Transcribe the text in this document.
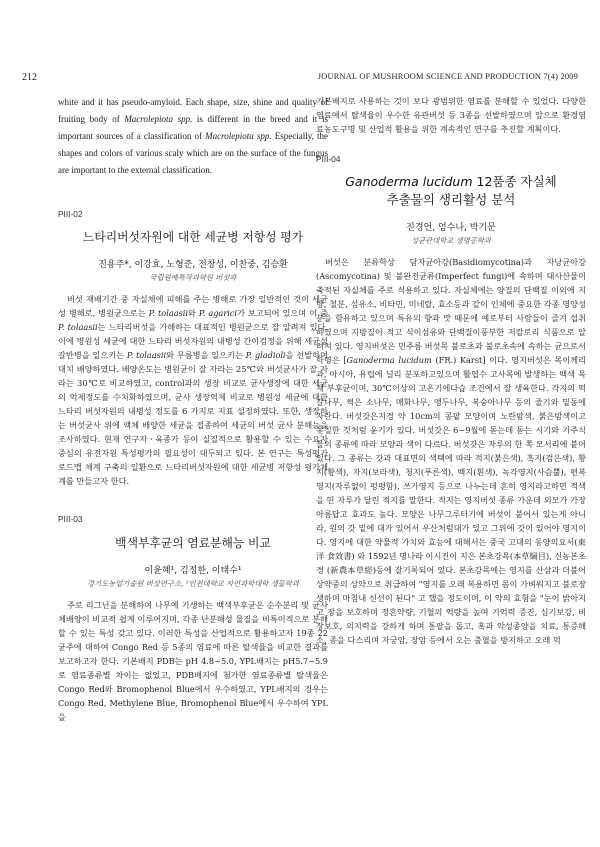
212	JOURNAL OF MUSHROOM SCIENCE AND PRODUCTION 7(4) 2009

white and it has pseudo-amyloid. Each shape, size, shine and quality of fruiting body of Macrolepiota spp. is different in the breed and it is important sources of a classification of Macrolepiota spp. Especially, the shapes and colors of various scaly which are on the surface of the fungus are important to the external classification.

PIII-02

느타리버섯자원에 대한 세균병 저항성 평가

진용주*, 이강효, 노형준, 전창성, 이찬중, 김승환

국립원예특작과학원 버섯과

버섯 재배기간 중 자실체에 피해를 주는 병해로 가장 일반적인 것이 세균성 병해로, 병원균으로는 P. tolaasii와 P. agarici가 보고되어 있으며 이 중 P. tolaasii는 느타리버섯을 가해하는 대표적인 병원균으로 잘 알려져 있다. 이에 병원성 세균에 대한 느타리 버섯자원의 내병성 간이검정을 위해 세균성 갈반병을 일으키는 P. tolaasii와 무름병을 일으키는 P. gladioli을 선발하여 대치 배양하였다. 배양온도는 병원균이 잘 자라는 25℃와 버섯균사가 잘 자라는 30℃로 비교하였고, control과의 생장 비교로 균사생장에 대한 세균의 억제정도를 수치화하였으며, 균사 생장억제 비교로 병원성 세균에 대한 느타리 버섯자원의 내병성 정도를 6 가지로 지표 설정하였다. 또한, 생장하는 버섯균사 위에 액체 배양한 세균을 접종하여 세균의 버섯 균사 분해능을 조사하였다. 현재 연구자ㆍ육종가 등이 실질적으로 활용할 수 있는 수요자 중심의 유전자원 특성평가의 필요성이 대두되고 있다. 본 연구는 특성평가 로드맵 체계 구축의 일환으로 느타리버섯자원에 대한 세균병 저항성 평가체계를 만들고자 한다.

PIII-03

백색부후균의 염료분해능 비교

이윤혜¹, 김정한, 이태수¹

경기도농업기술원 버섯연구소, ¹인천대학교 자연과학대학 생물학과

주로 리그닌을 분해하여 나무에 기생하는 백색부후균은 순수분리 및 균사체배양이 비교적 쉽게 이루어지며, 각종 난분해성 물질을 비특이적으로 분해할 수 있는 특성 갖고 있다. 이러한 특성을 산업적으로 활용하고자 19종 22균주에 대하여 Congo Red 등 5종의 염료에 따른 탈색율을 비교한 결과를 보고하고자 한다. 기본배지 PDB는 pH 4.8~5.0, YPL배지는 pH5.7~5.9로 염료종류별 차이는 없었고, PDB배지에 첨가한 염료종류별 탈색율은 Congo Red와 Bromophenol Blue에서 우수하였고, YPL배지의 경우는Congo Red, Methylene Blue, Bromophenol Blue에서 우수하여 YPL을

기본배지로 사용하는 것이 보다 광범위한 염료를 분해할 수 있었다. 다양한 염료에서 탈색율이 우수한 유관버섯 등 3종을 선발하였으며 앞으로 환경염료농도구명 및 산업적 활용을 위한 계속적인 연구를 추진할 계획이다.

PIII-04

Ganoderma lucidum 12품종 자실체
추출물의 생리활성 분석

진경언, 엄수나, 박기문

성균관대학교 생명공학과

버섯은 분류학상 담자균아강(Basidiomycotina)과 자낭균아강(Ascomycotina) 및 불완전균류(Imperfect fungi)에 속하며 대사산물이 축적된 자실체를 주로 식용하고 있다. 자실체에는 양질의 단백질 이외에 지방, 철분, 섬유소, 비타민, 미네랄, 효소등과 같이 인체에 중요한 각종 영양성분을 함유하고 있으며 특유의 향과 맛 때문에 예로부터 사람들이 즐겨 섭취하였으며 지방질이 적고 식이섬유와 단백질이풍부한 저칼로리 식품으로 알려져 있다. 영지버섯은 민주름 버섯목 불로초과 불로초속에 속하는 균으로서 학명은 [Ganoderma lucidum (FR.) Karst] 이다. 영지버섯은 목이께리과, 아시아, 유럽에 널리 분포하고있으며 활엽수 고사목에 발생하는 백색 목재 부후균이며, 30℃이상의 고온기에다습 조건에서 잘 생육한다. 각지의 떡갈나무, 썩은 소나무, 매화나무, 앵두나무, 복숭아나무 등의 줄기와 밑동에 자란다. 버섯갓은지경 약 10cm의 콩팥 모양이며 노란밤색, 붉은밤색이고 옻칠한 것처럼 윤기가 있다. 버섯갓은 6~9월에 돋는데 돋는 시기와 기주식물의 종류에 따라 모양과 색이 다르다. 버섯갓은 자루의 한 쪽 모서리에 붙어 있다. 그 종류는 갓과 대표면의 색택에 따라 적지(붉은색), 흑지(검은색), 황지(황색), 자지(보라색), 청지(푸른색), 백지(흰색), 녹각영지(사슴뿔), 편복영지(자루없이 펑평함), 쓰가영지 등으로 나누는데 흔히 영지라고하면 적색을 띤 자루가 달린 적지를 말한다. 적지는 영지버섯 종류 가운데 외모가 가장 아름답고 효과도 높다. 모양은 나무그루터기에 버섯이 붙어서 있는게 아니라, 원의 갓 밑에 대가 있어서 우산처럼대가 있고 그위에 갓이 있어야 영지이다. 영지에 대한 약물적 가치와 효능에 대해서는 중국 고대의 동양의요서(東洋 食效書) 와 1592년 명나라 이시진이 지은 본초강목(本草綱目), 신농본초경 (新農本草經)등에 잘기록되어 있다. 본초강목에는 영지를 산삼과 더불어 상약중의 상약으로 취급하여 "영지를 오래 복용하면 몸이 가벼워지고 불로장생하며 마침내 신선이 된다" 고 했을 정도이며, 이 약의 효험을 "눈이 밝아지고 장을 보호하며 정혼약량, 기혈의 억량을 높여 기억력 증진, 심기보강, 비장보호, 의지력을 강하게 하며 통팔을 돕고, 혹과 악성종양을 치료, 통증해소, 종을 다스리며 자궁암, 장암 등에서 오는 출혈을 방지하고 오래 먹
